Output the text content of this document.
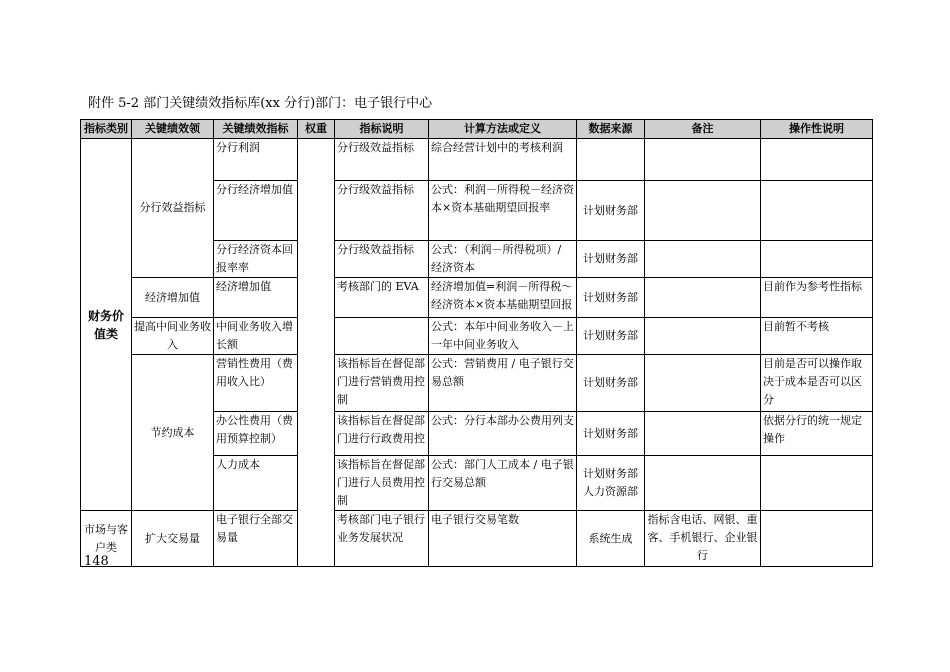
附件 5-2 部门关键绩效指标库(xx 分行)部门：电子银行中心
指标类别	关键绩效领	关键绩效指标	权重	指标说明	计算方法或定义	数据来源	备注	操作性说明
财务价值类	分行效益指标	分行利润		分行级效益指标	综合经营计划中的考核利润			
		分行经济增加值		分行级效益指标	公式：利润－所得税－经济资本×资本基础期望回报率	计划财务部		
		分行经济资本回报率率		分行级效益指标	公式：（利润－所得税项）/ 经济资本	计划财务部		
	经济增加值	经济增加值		考核部门的 EVA	经济增加值=利润－所得税～经济资本×资本基础期望回报	计划财务部		目前作为参考性指标
	提高中间业务收入	中间业务收入增长额			公式：本年中间业务收入－上一年中间业务收入	计划财务部		目前暂不考核
	节约成本	营销性费用（费用收入比）		该指标旨在督促部门进行营销费用控制	公式：营销费用 / 电子银行交易总额	计划财务部		目前是否可以操作取决于成本是否可以区分
		办公性费用（费用预算控制）		该指标旨在督促部门进行行政费用控	公式：分行本部办公费用列支	计划财务部		依据分行的统一规定操作
		人力成本		该指标旨在督促部门进行人员费用控制	公式：部门人工成本 / 电子银行交易总额	计划财务部人力资源部		
市场与客户类	扩大交易量	电子银行全部交易量		考核部门电子银行业务发展状况	电子银行交易笔数	系统生成	指标含电话、网银、重客、手机银行、企业银行	
148
